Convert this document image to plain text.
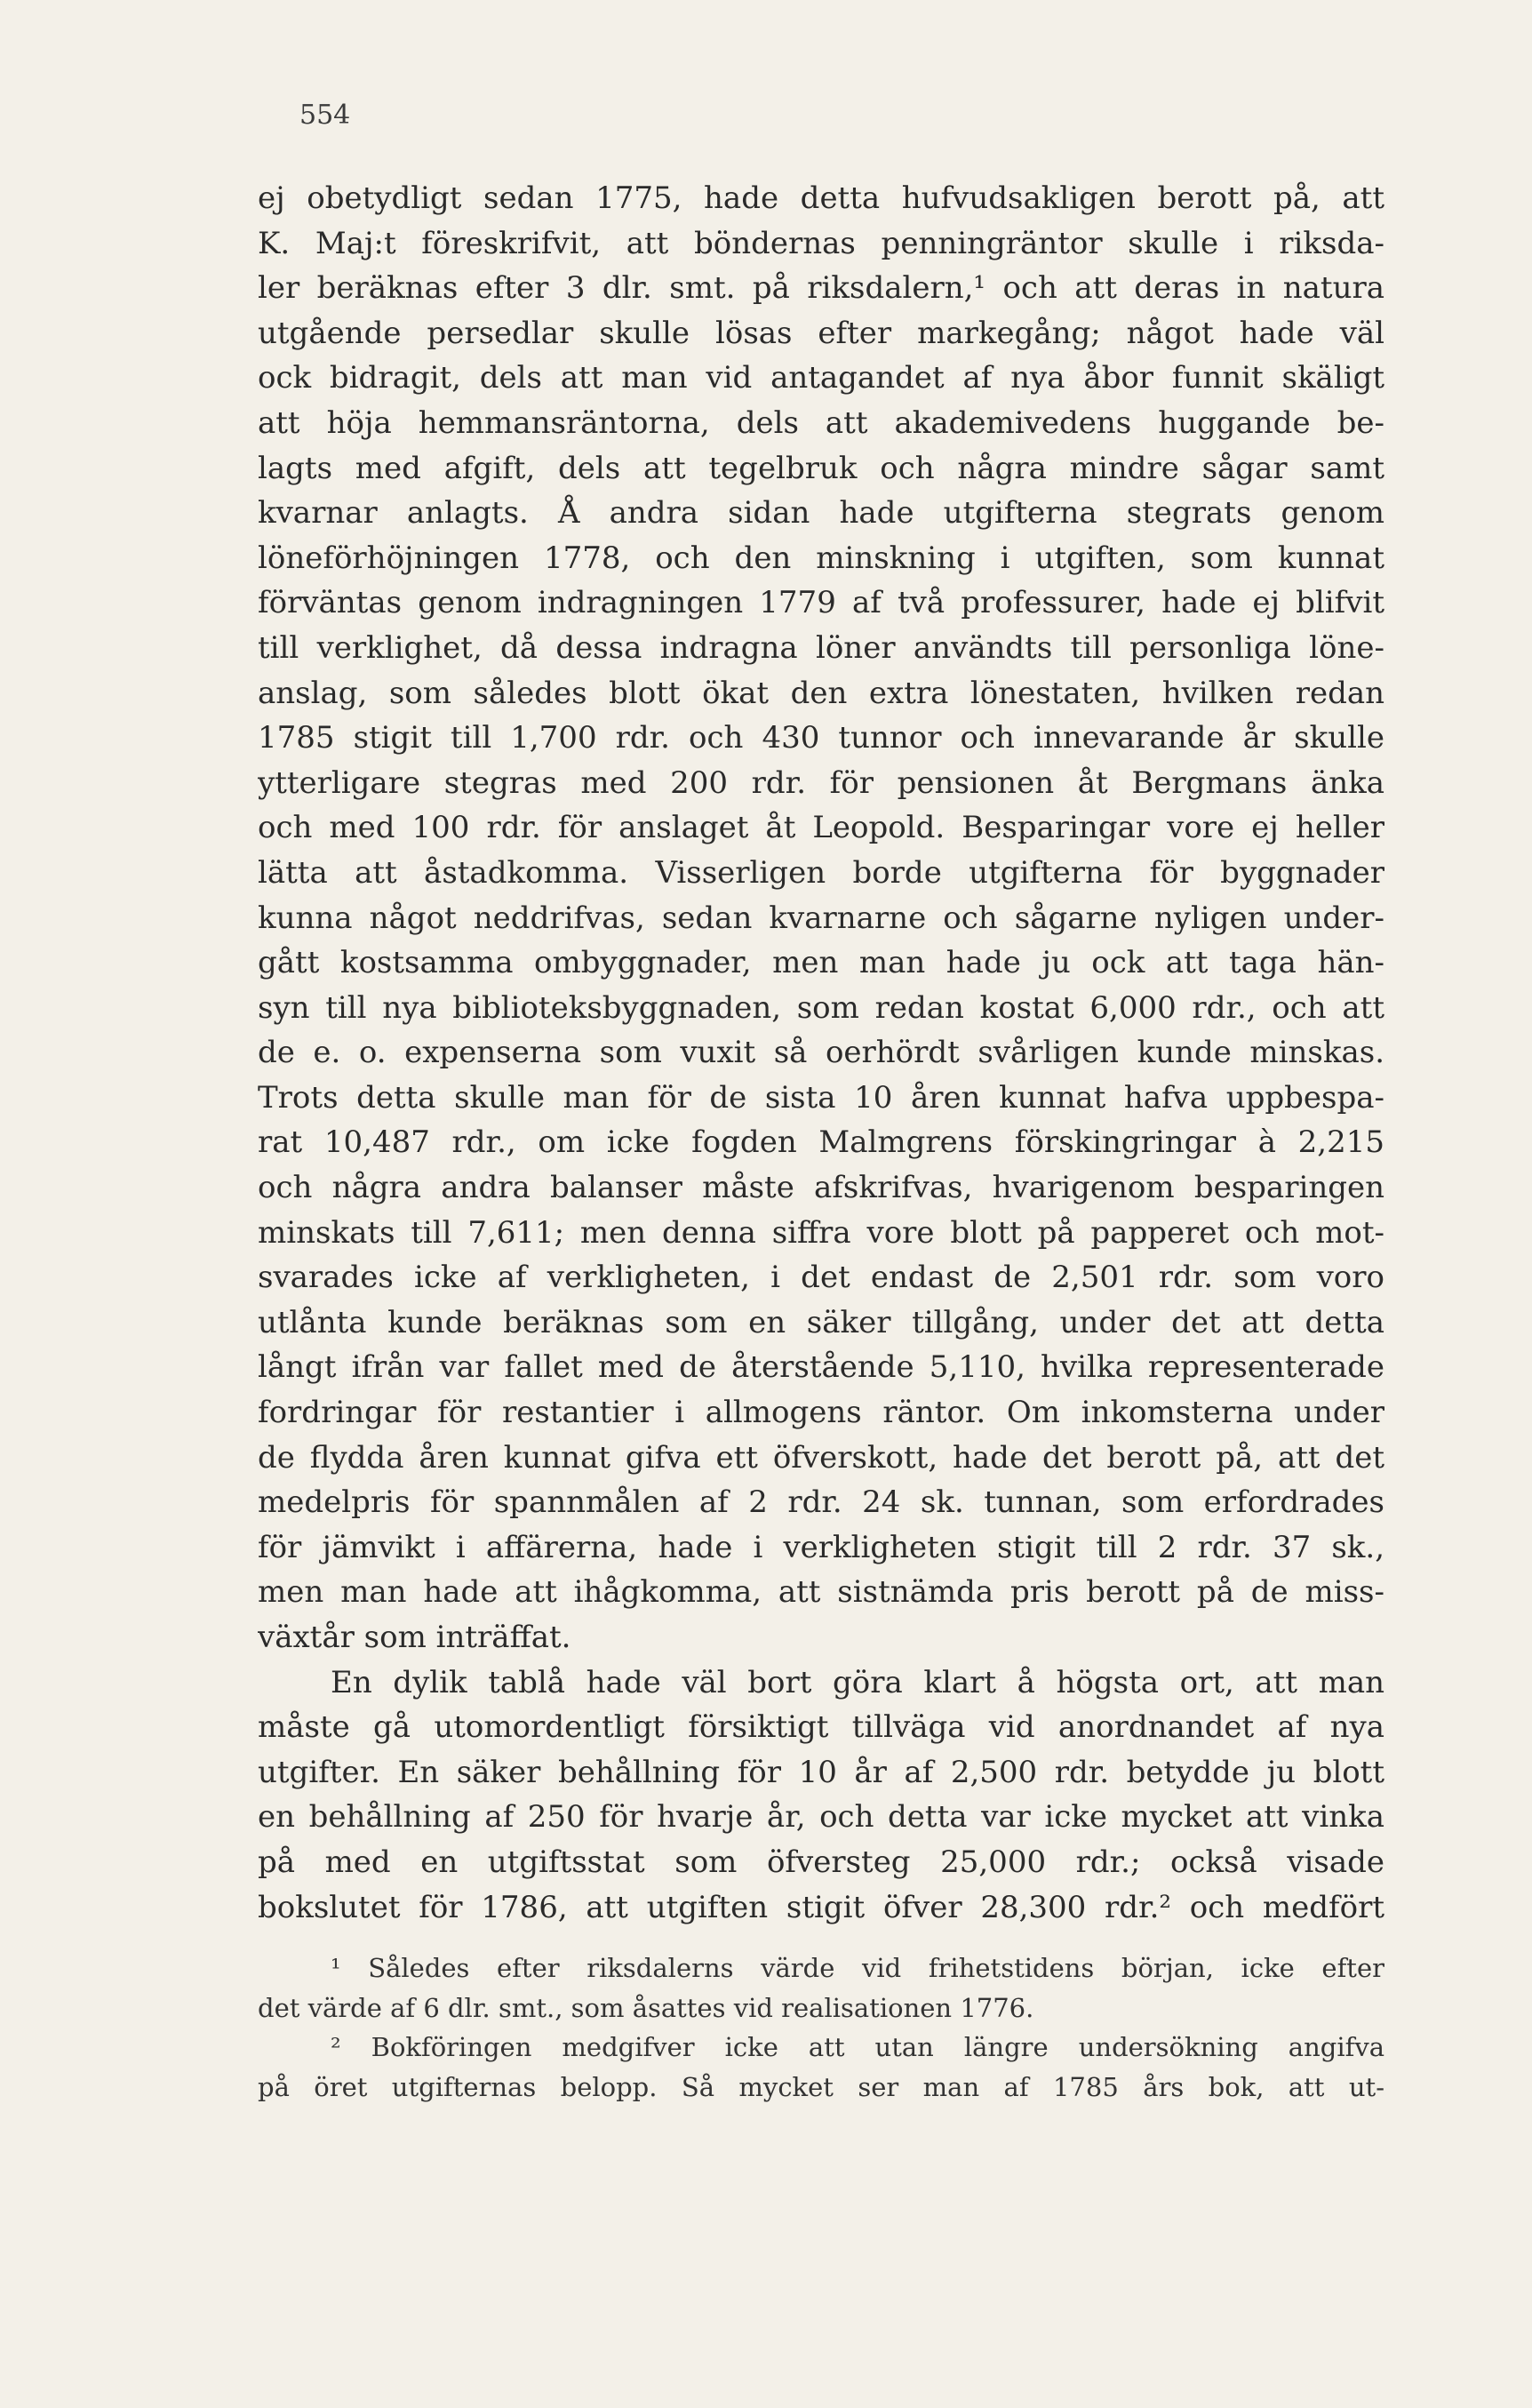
554
ej obetydligt sedan 1775, hade detta hufvudsakligen berott på, att
K. Maj:t föreskrifvit, att böndernas penningräntor skulle i riksda-
ler beräknas efter 3 dlr. smt. på riksdalern,¹ och att deras in natura
utgående persedlar skulle lösas efter markegång; något hade väl
ock bidragit, dels att man vid antagandet af nya åbor funnit skäligt
att höja hemmansräntorna, dels att akademivedens huggande be-
lagts med afgift, dels att tegelbruk och några mindre sågar samt
kvarnar anlagts. Å andra sidan hade utgifterna stegrats genom
löneförhöjningen 1778, och den minskning i utgiften, som kunnat
förväntas genom indragningen 1779 af två professurer, hade ej blifvit
till verklighet, då dessa indragna löner användts till personliga löne-
anslag, som således blott ökat den extra lönestaten, hvilken redan
1785 stigit till 1,700 rdr. och 430 tunnor och innevarande år skulle
ytterligare stegras med 200 rdr. för pensionen åt Bergmans änka
och med 100 rdr. för anslaget åt Leopold. Besparingar vore ej heller
lätta att åstadkomma. Visserligen borde utgifterna för byggnader
kunna något neddrifvas, sedan kvarnarne och sågarne nyligen under-
gått kostsamma ombyggnader, men man hade ju ock att taga hän-
syn till nya biblioteksbyggnaden, som redan kostat 6,000 rdr., och att
de e. o. expenserna som vuxit så oerhördt svårligen kunde minskas.
Trots detta skulle man för de sista 10 åren kunnat hafva uppbespa-
rat 10,487 rdr., om icke fogden Malmgrens förskingringar à 2,215
och några andra balanser måste afskrifvas, hvarigenom besparingen
minskats till 7,611; men denna siffra vore blott på papperet och mot-
svarades icke af verkligheten, i det endast de 2,501 rdr. som voro
utlånta kunde beräknas som en säker tillgång, under det att detta
långt ifrån var fallet med de återstående 5,110, hvilka representerade
fordringar för restantier i allmogens räntor. Om inkomsterna under
de flydda åren kunnat gifva ett öfverskott, hade det berott på, att det
medelpris för spannmålen af 2 rdr. 24 sk. tunnan, som erfordrades
för jämvikt i affärerna, hade i verkligheten stigit till 2 rdr. 37 sk.,
men man hade att ihågkomma, att sistnämda pris berott på de miss-
växtår som inträffat.
En dylik tablå hade väl bort göra klart å högsta ort, att man
måste gå utomordentligt försiktigt tillväga vid anordnandet af nya
utgifter. En säker behållning för 10 år af 2,500 rdr. betydde ju blott
en behållning af 250 för hvarje år, och detta var icke mycket att vinka
på med en utgiftsstat som öfversteg 25,000 rdr.; också visade
bokslutet för 1786, att utgiften stigit öfver 28,300 rdr.² och medfört
¹ Således efter riksdalerns värde vid frihetstidens början, icke efter
det värde af 6 dlr. smt., som åsattes vid realisationen 1776.
² Bokföringen medgifver icke att utan längre undersökning angifva
på öret utgifternas belopp. Så mycket ser man af 1785 års bok, att ut-
